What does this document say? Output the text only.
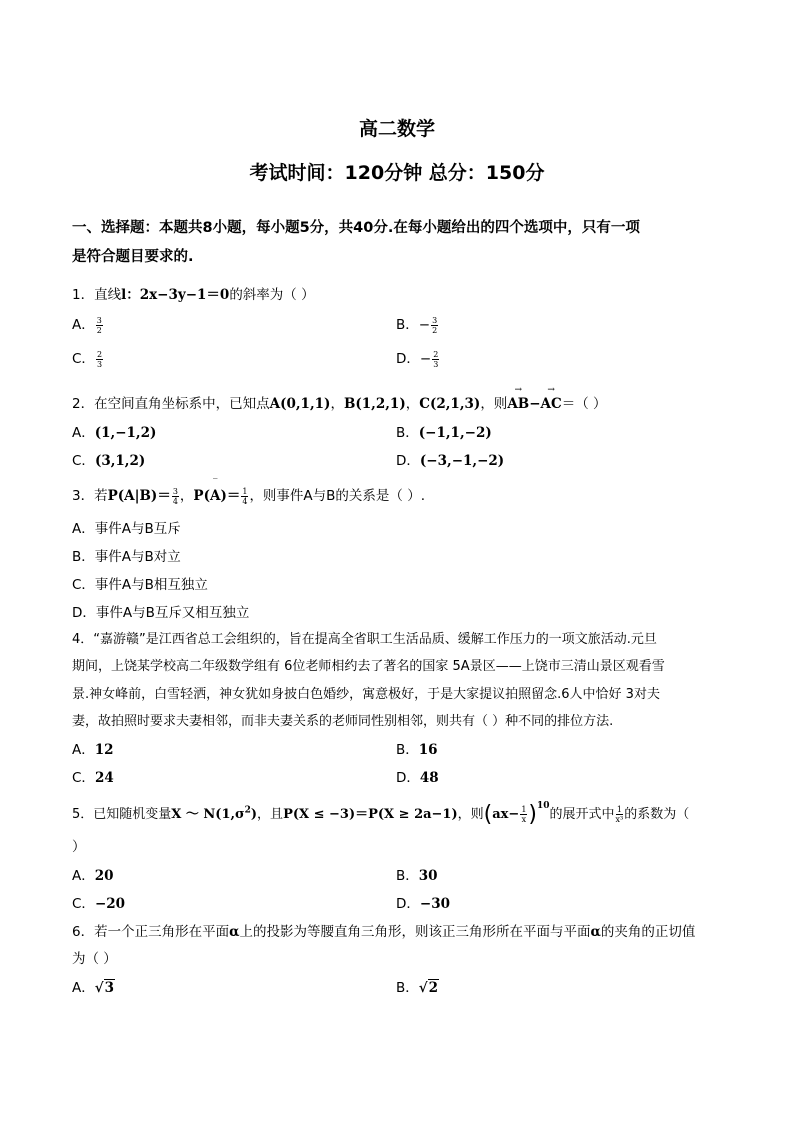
高二数学
考试时间：120分钟 总分：150分
一、选择题：本题共8小题，每小题5分，共40分.在每小题给出的四个选项中，只有一项
是符合题目要求的.
1．直线l：2x−3y−1＝0的斜率为（ ）
A． $\frac{3}{2}$	B．− $\frac{3}{2}$
C． $\frac{2}{3}$	D．− $\frac{2}{3}$
2．在空间直角坐标系中，已知点A(0,1,1)，B(1,2,1)，C(2,1,3)，则→ AB−→ AC＝（ ）
A．(1,−1,2)	B．(−1,1,−2)
C．(3,1,2)	D．(−3,−1,−2)
3．若$P(A|B)= \frac{3}{4}$ ，P(‾ $A)= \frac{1}{4}$ ，则事件A与B的关系是（ ）.
A．事件A与B互斥
B．事件A与B对立
C．事件A与B相互独立
D．事件A与B互斥又相互独立
4．“嘉游赣”是江西省总工会组织的，旨在提高全省职工生活品质、缓解工作压力的一项文旅活动.元旦
期间，上饶某学校高二年级数学组有 6位老师相约去了著名的国家 5A景区——上饶市三清山景区观看雪
景.神女峰前，白雪轻洒，神女犹如身披白色婚纱，寓意极好，于是大家提议拍照留念.6人中恰好 3对夫
妻，故拍照时要求夫妻相邻，而非夫妻关系的老师同性别相邻，则共有（ ）种不同的排位方法.
A．12	B．16
C．24	D．48
5．已知随机变量X ～ $N(1,\sigma^2)$，且P(X ≤ −3)＝P(X ≥ 2a−1)，则$(ax- \frac{1}{x} )^{10}$的展开式中 $\frac{1}{\text{x³}}$ 的系数为（
）
A．20	B．30
C．−20	D．−30
6．若一个正三角形在平面α上的投影为等腰直角三角形，则该正三角形所在平面与平面α的夹角的正切值
为（ ）
A．√3	B．√2
